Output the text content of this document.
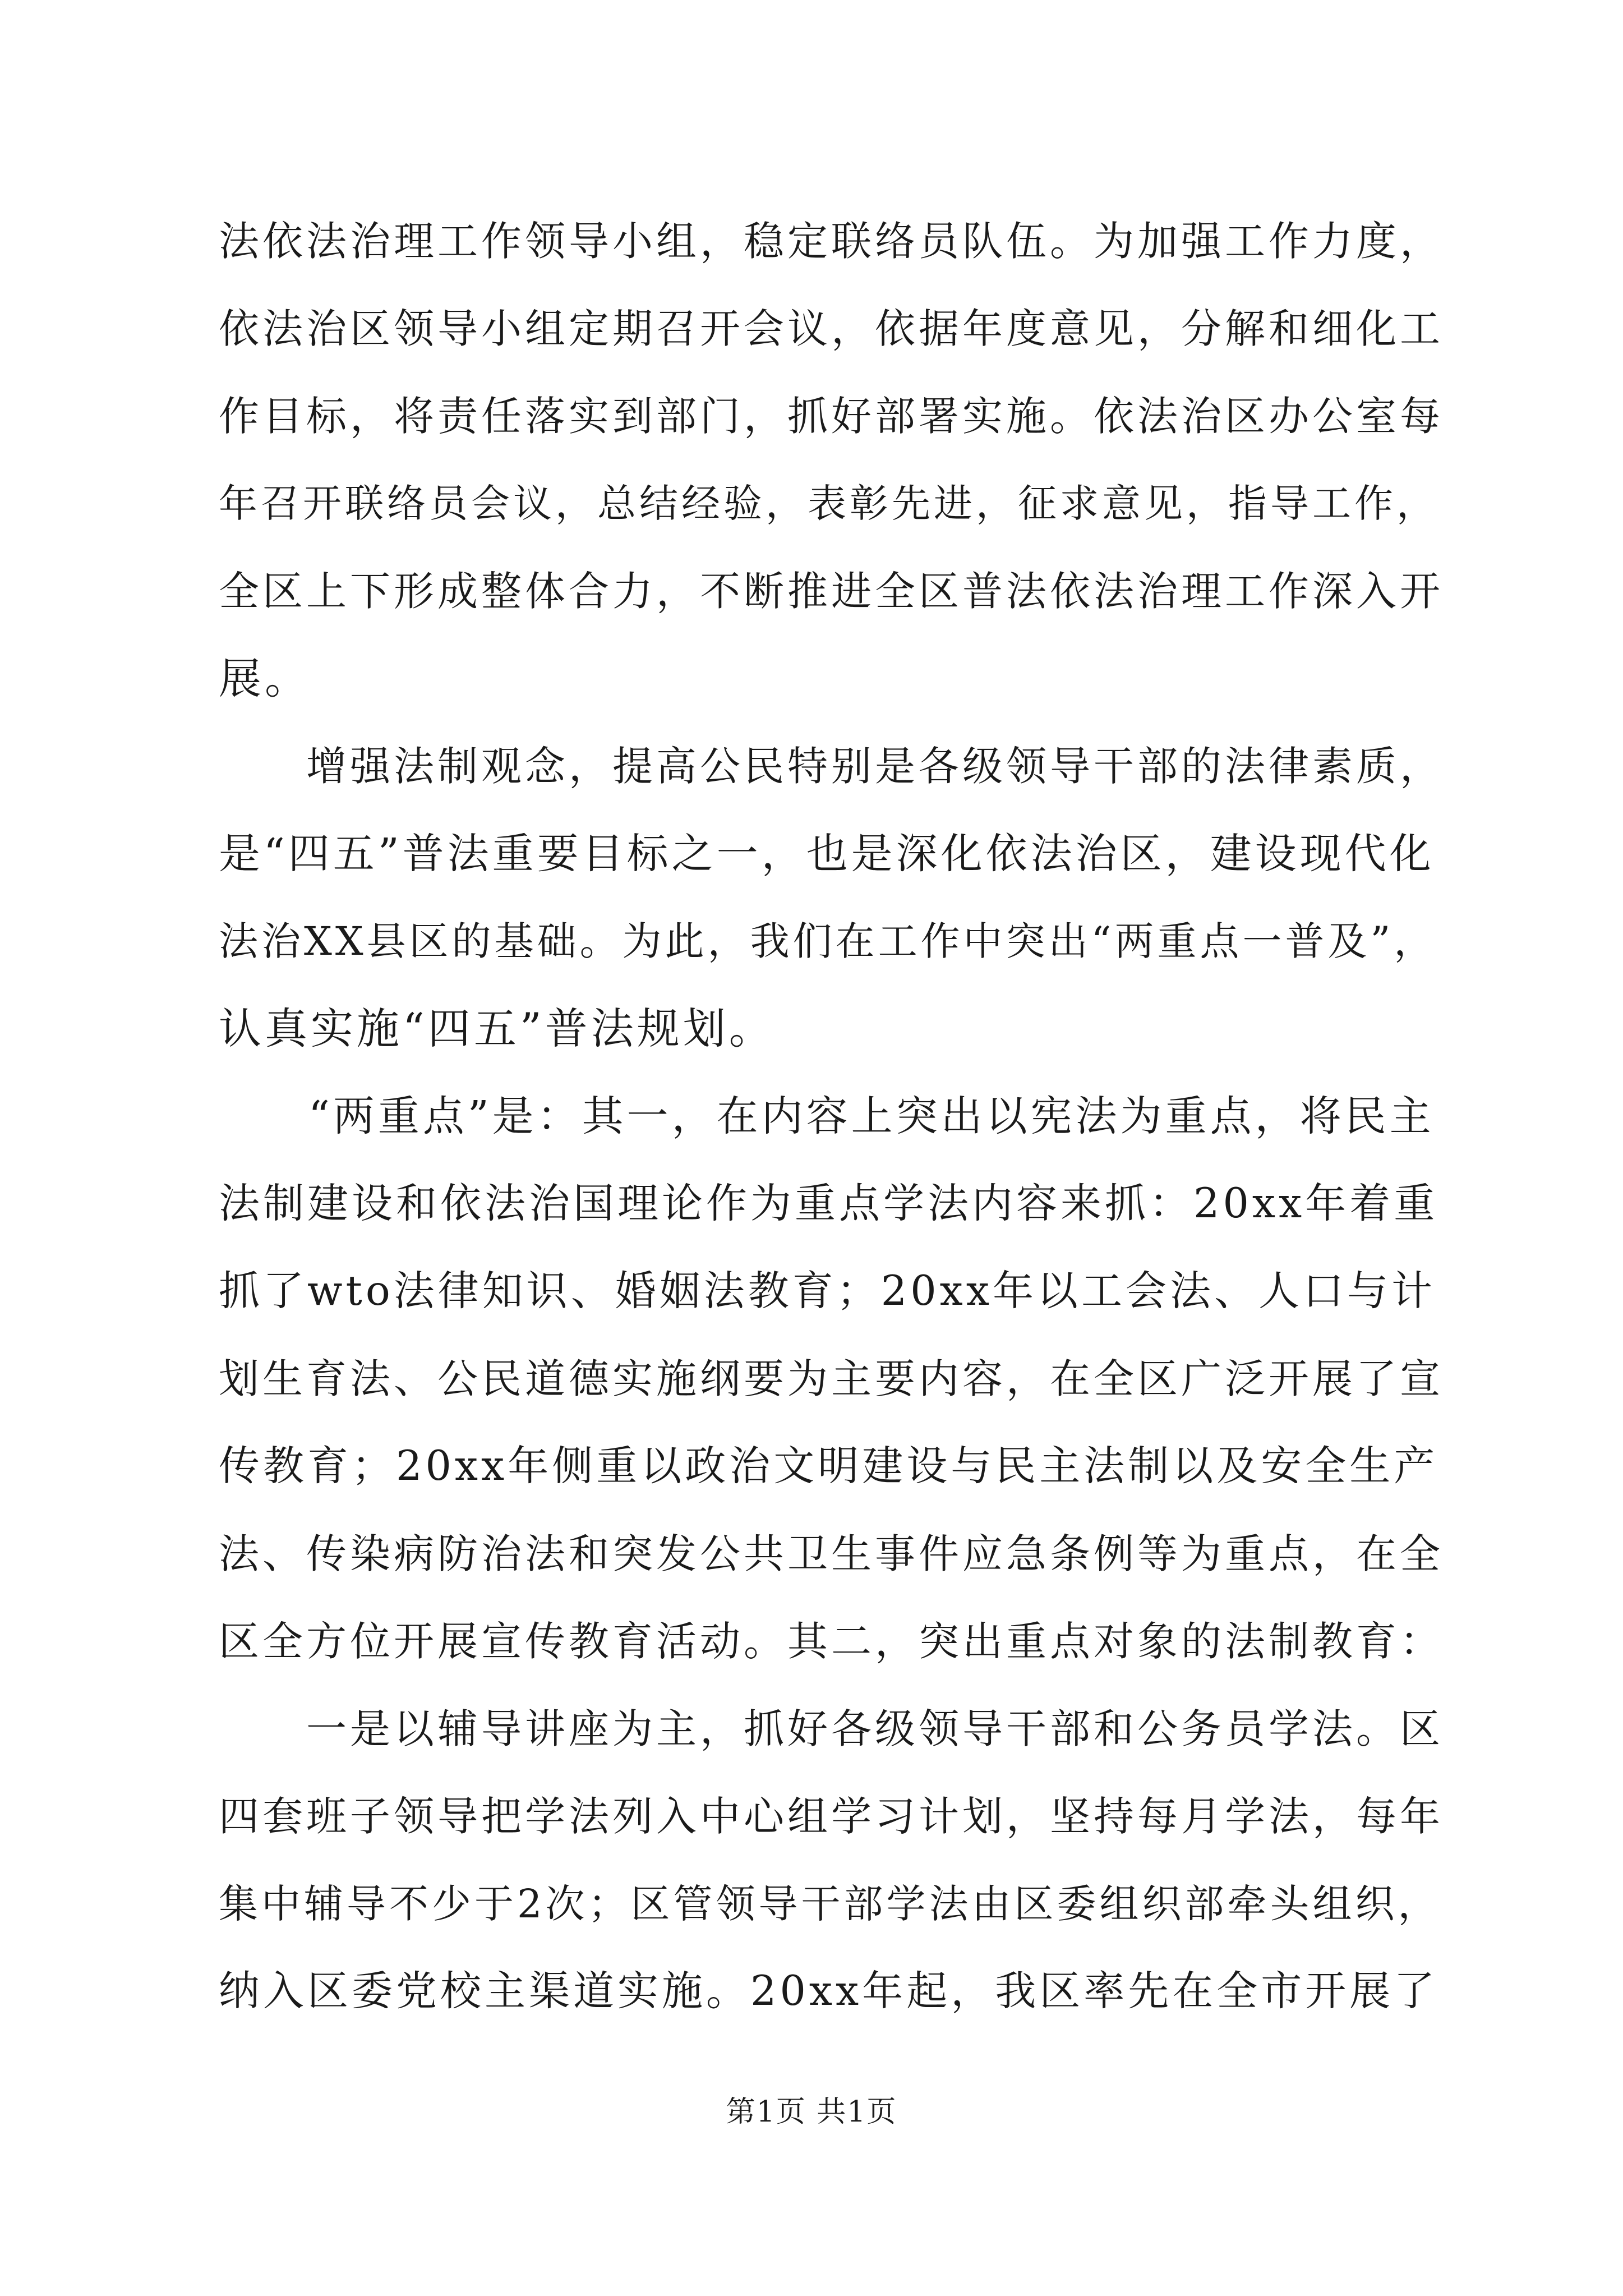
法依法治理工作领导小组，稳定联络员队伍。为加强工作力度，
依法治区领导小组定期召开会议，依据年度意见，分解和细化工
作目标，将责任落实到部门，抓好部署实施。依法治区办公室每
年召开联络员会议，总结经验，表彰先进，征求意见，指导工作，
全区上下形成整体合力，不断推进全区普法依法治理工作深入开
展。
　　增强法制观念，提高公民特别是各级领导干部的法律素质，
是“四五”普法重要目标之一，也是深化依法治区，建设现代化
法治XX县区的基础。为此，我们在工作中突出“两重点一普及”，
认真实施“四五”普法规划。
　　“两重点”是：其一，在内容上突出以宪法为重点，将民主
法制建设和依法治国理论作为重点学法内容来抓：20xx年着重
抓了wto法律知识、婚姻法教育；20xx年以工会法、人口与计
划生育法、公民道德实施纲要为主要内容，在全区广泛开展了宣
传教育；20xx年侧重以政治文明建设与民主法制以及安全生产
法、传染病防治法和突发公共卫生事件应急条例等为重点，在全
区全方位开展宣传教育活动。其二，突出重点对象的法制教育：
　　一是以辅导讲座为主，抓好各级领导干部和公务员学法。区
四套班子领导把学法列入中心组学习计划，坚持每月学法，每年
集中辅导不少于2次；区管领导干部学法由区委组织部牵头组织，
纳入区委党校主渠道实施。20xx年起，我区率先在全市开展了
第1页 共1页
